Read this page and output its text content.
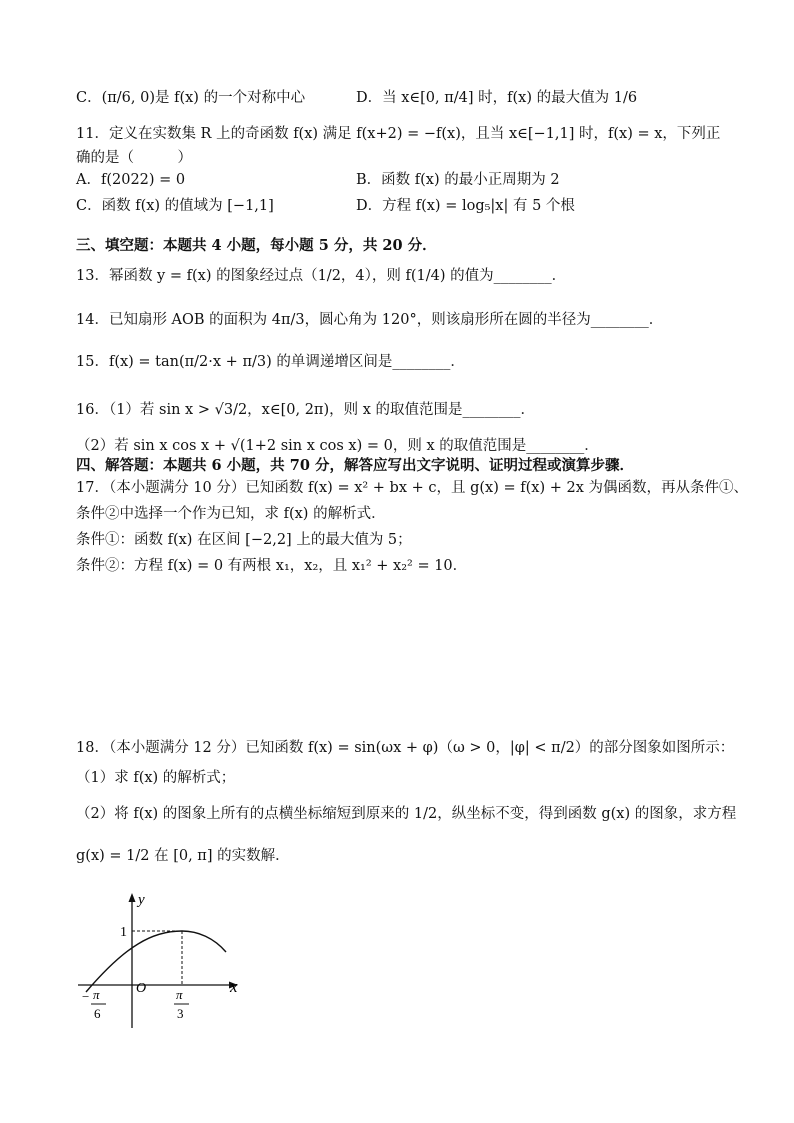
C．(π/6, 0)是 f(x) 的一个对称中心	D．当 x∈[0, π/4] 时，f(x) 的最大值为 1/6
11．定义在实数集 R 上的奇函数 f(x) 满足 f(x+2) = −f(x)，且当 x∈[−1,1] 时，f(x) = x，下列正
确的是（　　　）
A．f(2022) = 0	B．函数 f(x) 的最小正周期为 2
C．函数 f(x) 的值域为 [−1,1]	D．方程 f(x) = log₅|x| 有 5 个根
三、填空题：本题共 4 小题，每小题 5 分，共 20 分．
13．幂函数 y = f(x) 的图象经过点（1/2，4），则 f(1/4) 的值为________．
14．已知扇形 AOB 的面积为 4π/3，圆心角为 120°，则该扇形所在圆的半径为________．
15．f(x) = tan(π/2·x + π/3) 的单调递增区间是________．
16．（1）若 sin x > √3/2，x∈[0, 2π)，则 x 的取值范围是________．
（2）若 sin x cos x + √(1+2 sin x cos x) = 0，则 x 的取值范围是________．
四、解答题：本题共 6 小题，共 70 分，解答应写出文字说明、证明过程或演算步骤．
17．（本小题满分 10 分）已知函数 f(x) = x² + bx + c，且 g(x) = f(x) + 2x 为偶函数，再从条件①、
条件②中选择一个作为已知，求 f(x) 的解析式．
条件①：函数 f(x) 在区间 [−2,2] 上的最大值为 5；
条件②：方程 f(x) = 0 有两根 x₁，x₂，且 x₁² + x₂² = 10．
18．（本小题满分 12 分）已知函数 f(x) = sin(ωx + φ)（ω > 0，|φ| < π/2）的部分图象如图所示：
（1）求 f(x) 的解析式；
（2）将 f(x) 的图象上所有的点横坐标缩短到原来的 1/2，纵坐标不变，得到函数 g(x) 的图象，求方程
g(x) = 1/2 在 [0, π] 的实数解．
y
x
1
O
− π
6
π
3
